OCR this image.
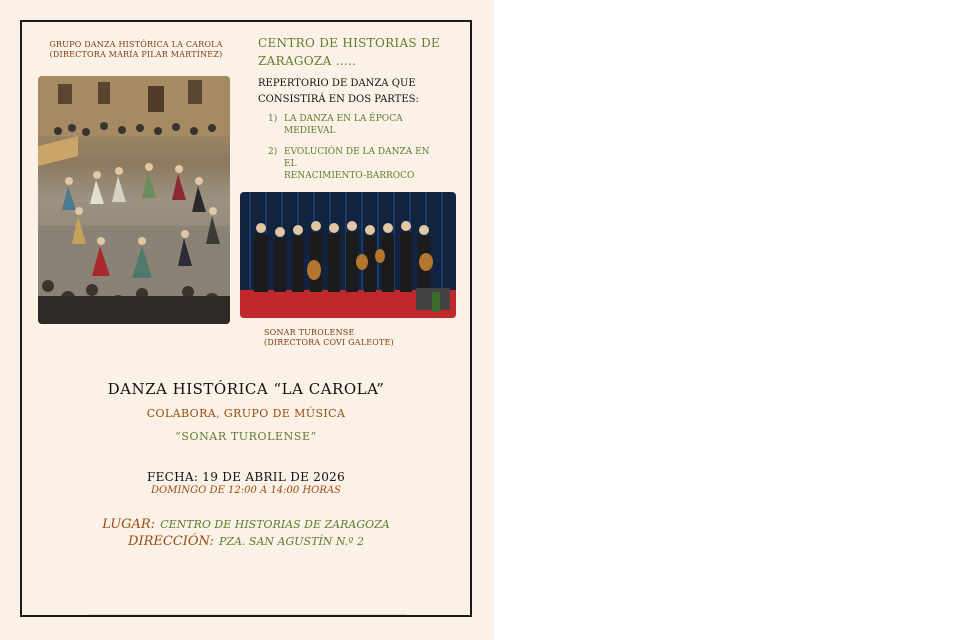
GRUPO DANZA HISTÓRICA LA CAROLA
(DIRECTORA MARÍA PILAR MARTÍNEZ)
CENTRO DE HISTORIAS DE
ZARAGOZA …..
REPERTORIO DE DANZA QUE
CONSISTIRÁ EN DOS PARTES:
1) LA DANZA EN LA ÉPOCA
MEDIEVAL
2) EVOLUCIÓN DE LA DANZA EN EL
RENACIMIENTO-BARROCO
SONAR TUROLENSE
(DIRECTORA COVI GALEOTE)
DANZA HISTÓRICA “LA CAROLA”
COLABORA, GRUPO DE MÚSICA
“SONAR TUROLENSE”
FECHA: 19 DE ABRIL DE 2026
DOMINGO DE 12:00 A 14:00 HORAS
LUGAR: CENTRO DE HISTORIAS DE ZARAGOZA
DIRECCIÓN: PZA. SAN AGUSTÍN N.º 2
